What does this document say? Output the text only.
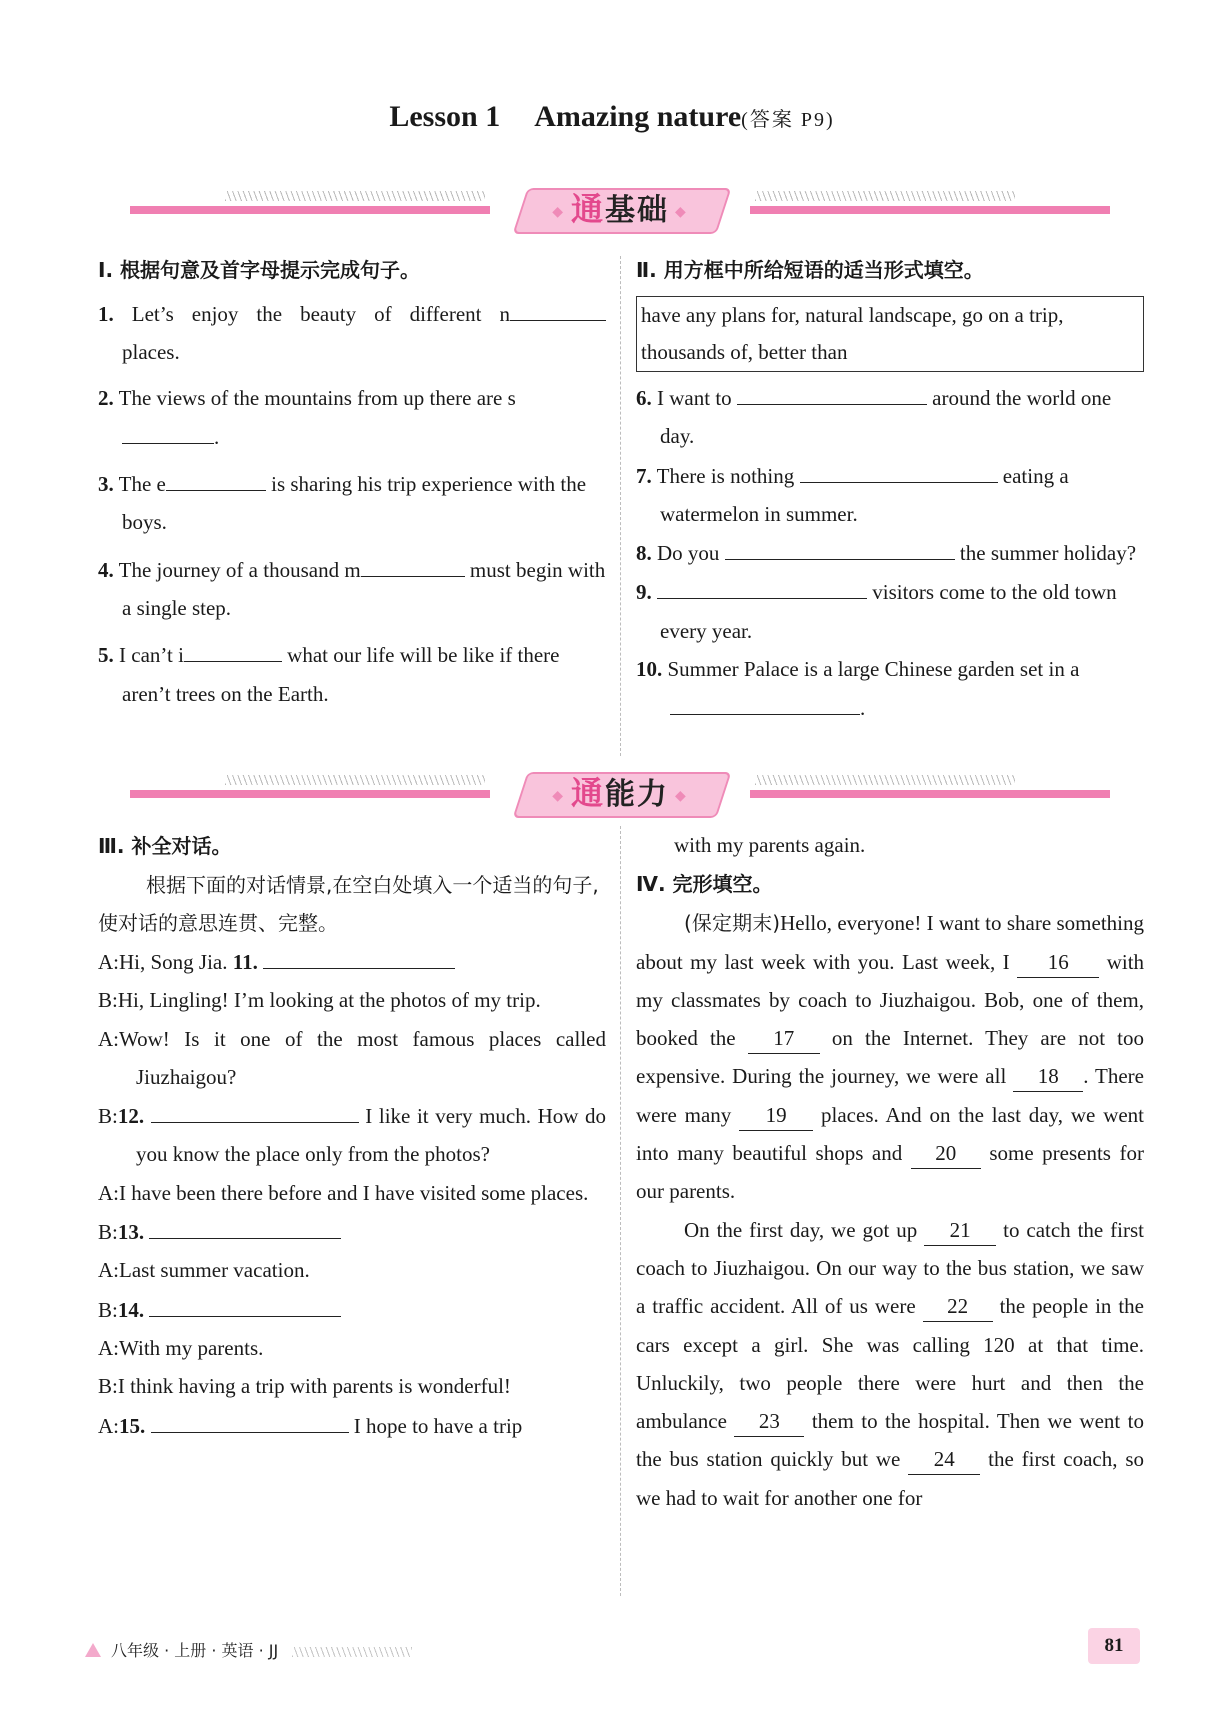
Lesson 1 Amazing nature(答案 P9)
◆ 通基础 ◆
Ⅰ. 根据句意及首字母提示完成句子。
1. Let’s enjoy the beauty of different n
places.
2. The views of the mountains from up there are s.
3. The e	is sharing his trip experience with the boys.
4. The journey of a thousand m	must begin with a single step.
5. I can’t i	what our life will be like if there aren’t trees on the Earth.
Ⅱ. 用方框中所给短语的适当形式填空。
have any plans for, natural landscape, go on a trip, thousands of, better than
6. I want to	around the world one day.
7. There is nothing	eating a watermelon in summer.
8. Do you	the summer holiday?
9.	visitors come to the old town every year.
10. Summer Palace is a large Chinese garden set in a .
◆ 通能力 ◆
Ⅲ. 补全对话。
根据下面的对话情景,在空白处填入一个适当的句子,使对话的意思连贯、完整。
A:Hi, Song Jia. 11.
B:Hi, Lingling! I’m looking at the photos of my trip.
A:Wow! Is it one of the most famous places called Jiuzhaigou?
B:12.	I like it very much. How do you know the place only from the photos?
A:I have been there before and I have visited some places.
B:13.
A:Last summer vacation.
B:14.
A:With my parents.
B:I think having a trip with parents is wonderful!
A:15.	I hope to have a trip
with my parents again.
Ⅳ. 完形填空。
(保定期末)Hello, everyone! I want to share something about my last week with you. Last week, I 16 with my classmates by coach to Jiuzhaigou. Bob, one of them, booked the 17 on the Internet. They are not too expensive. During the journey, we were all 18 . There were many 19 places. And on the last day, we went into many beautiful shops and 20 some presents for our parents.
On the first day, we got up 21 to catch the first coach to Jiuzhaigou. On our way to the bus station, we saw a traffic accident. All of us were 22 the people in the cars except a girl. She was calling 120 at that time. Unluckily, two people there were hurt and then the ambulance 23 them to the hospital. Then we went to the bus station quickly but we 24 the first coach, so we had to wait for another one for
八年级 · 上册 · 英语 · JJ	81
